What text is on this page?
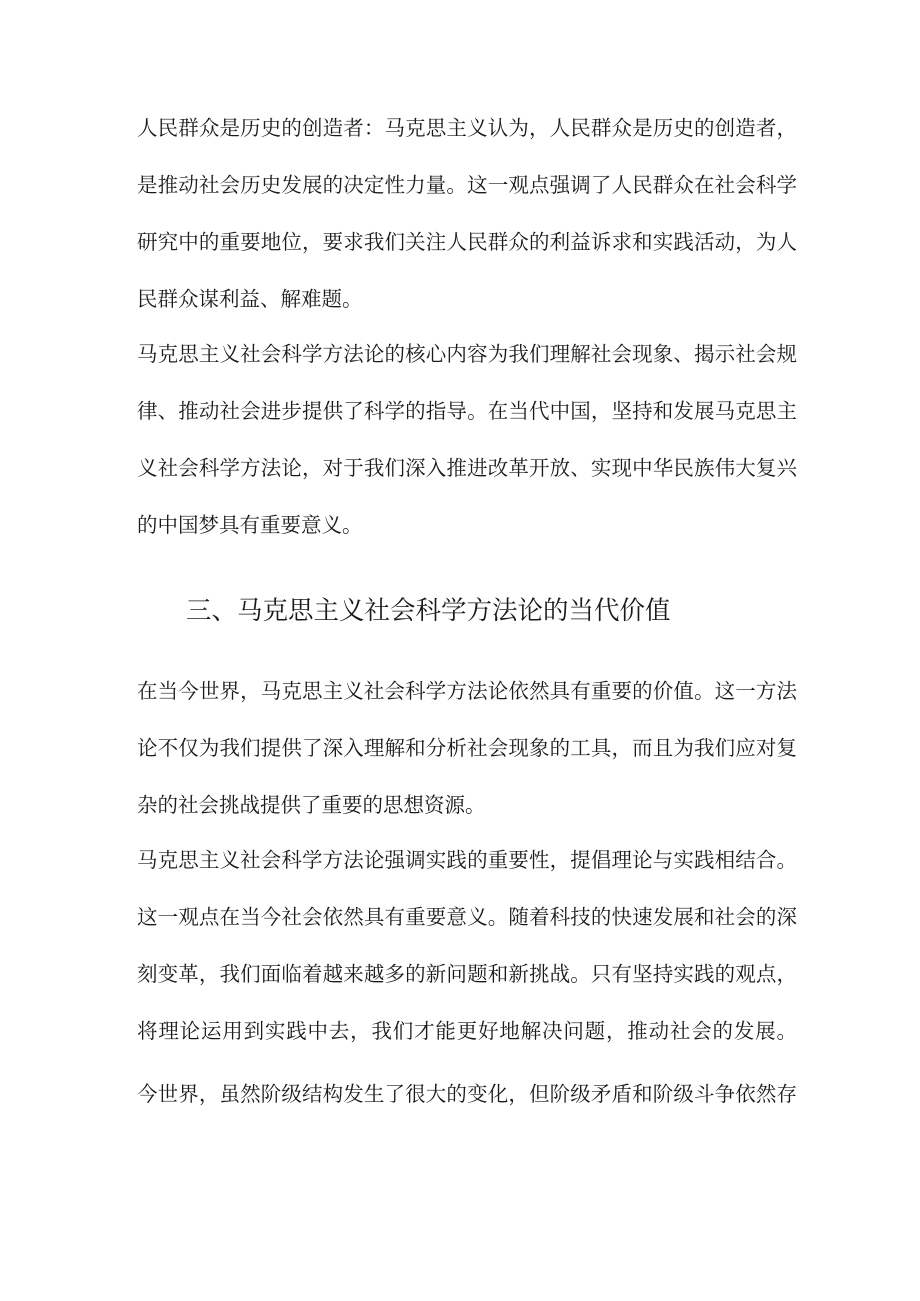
人民群众是历史的创造者：马克思主义认为，人民群众是历史的创造者，
是推动社会历史发展的决定性力量。这一观点强调了人民群众在社会科学
研究中的重要地位，要求我们关注人民群众的利益诉求和实践活动，为人
民群众谋利益、解难题。
马克思主义社会科学方法论的核心内容为我们理解社会现象、揭示社会规
律、推动社会进步提供了科学的指导。在当代中国，坚持和发展马克思主
义社会科学方法论，对于我们深入推进改革开放、实现中华民族伟大复兴
的中国梦具有重要意义。
三、马克思主义社会科学方法论的当代价值
在当今世界，马克思主义社会科学方法论依然具有重要的价值。这一方法
论不仅为我们提供了深入理解和分析社会现象的工具，而且为我们应对复
杂的社会挑战提供了重要的思想资源。
马克思主义社会科学方法论强调实践的重要性，提倡理论与实践相结合。
这一观点在当今社会依然具有重要意义。随着科技的快速发展和社会的深
刻变革，我们面临着越来越多的新问题和新挑战。只有坚持实践的观点，
将理论运用到实践中去，我们才能更好地解决问题，推动社会的发展。
今世界，虽然阶级结构发生了很大的变化，但阶级矛盾和阶级斗争依然存
